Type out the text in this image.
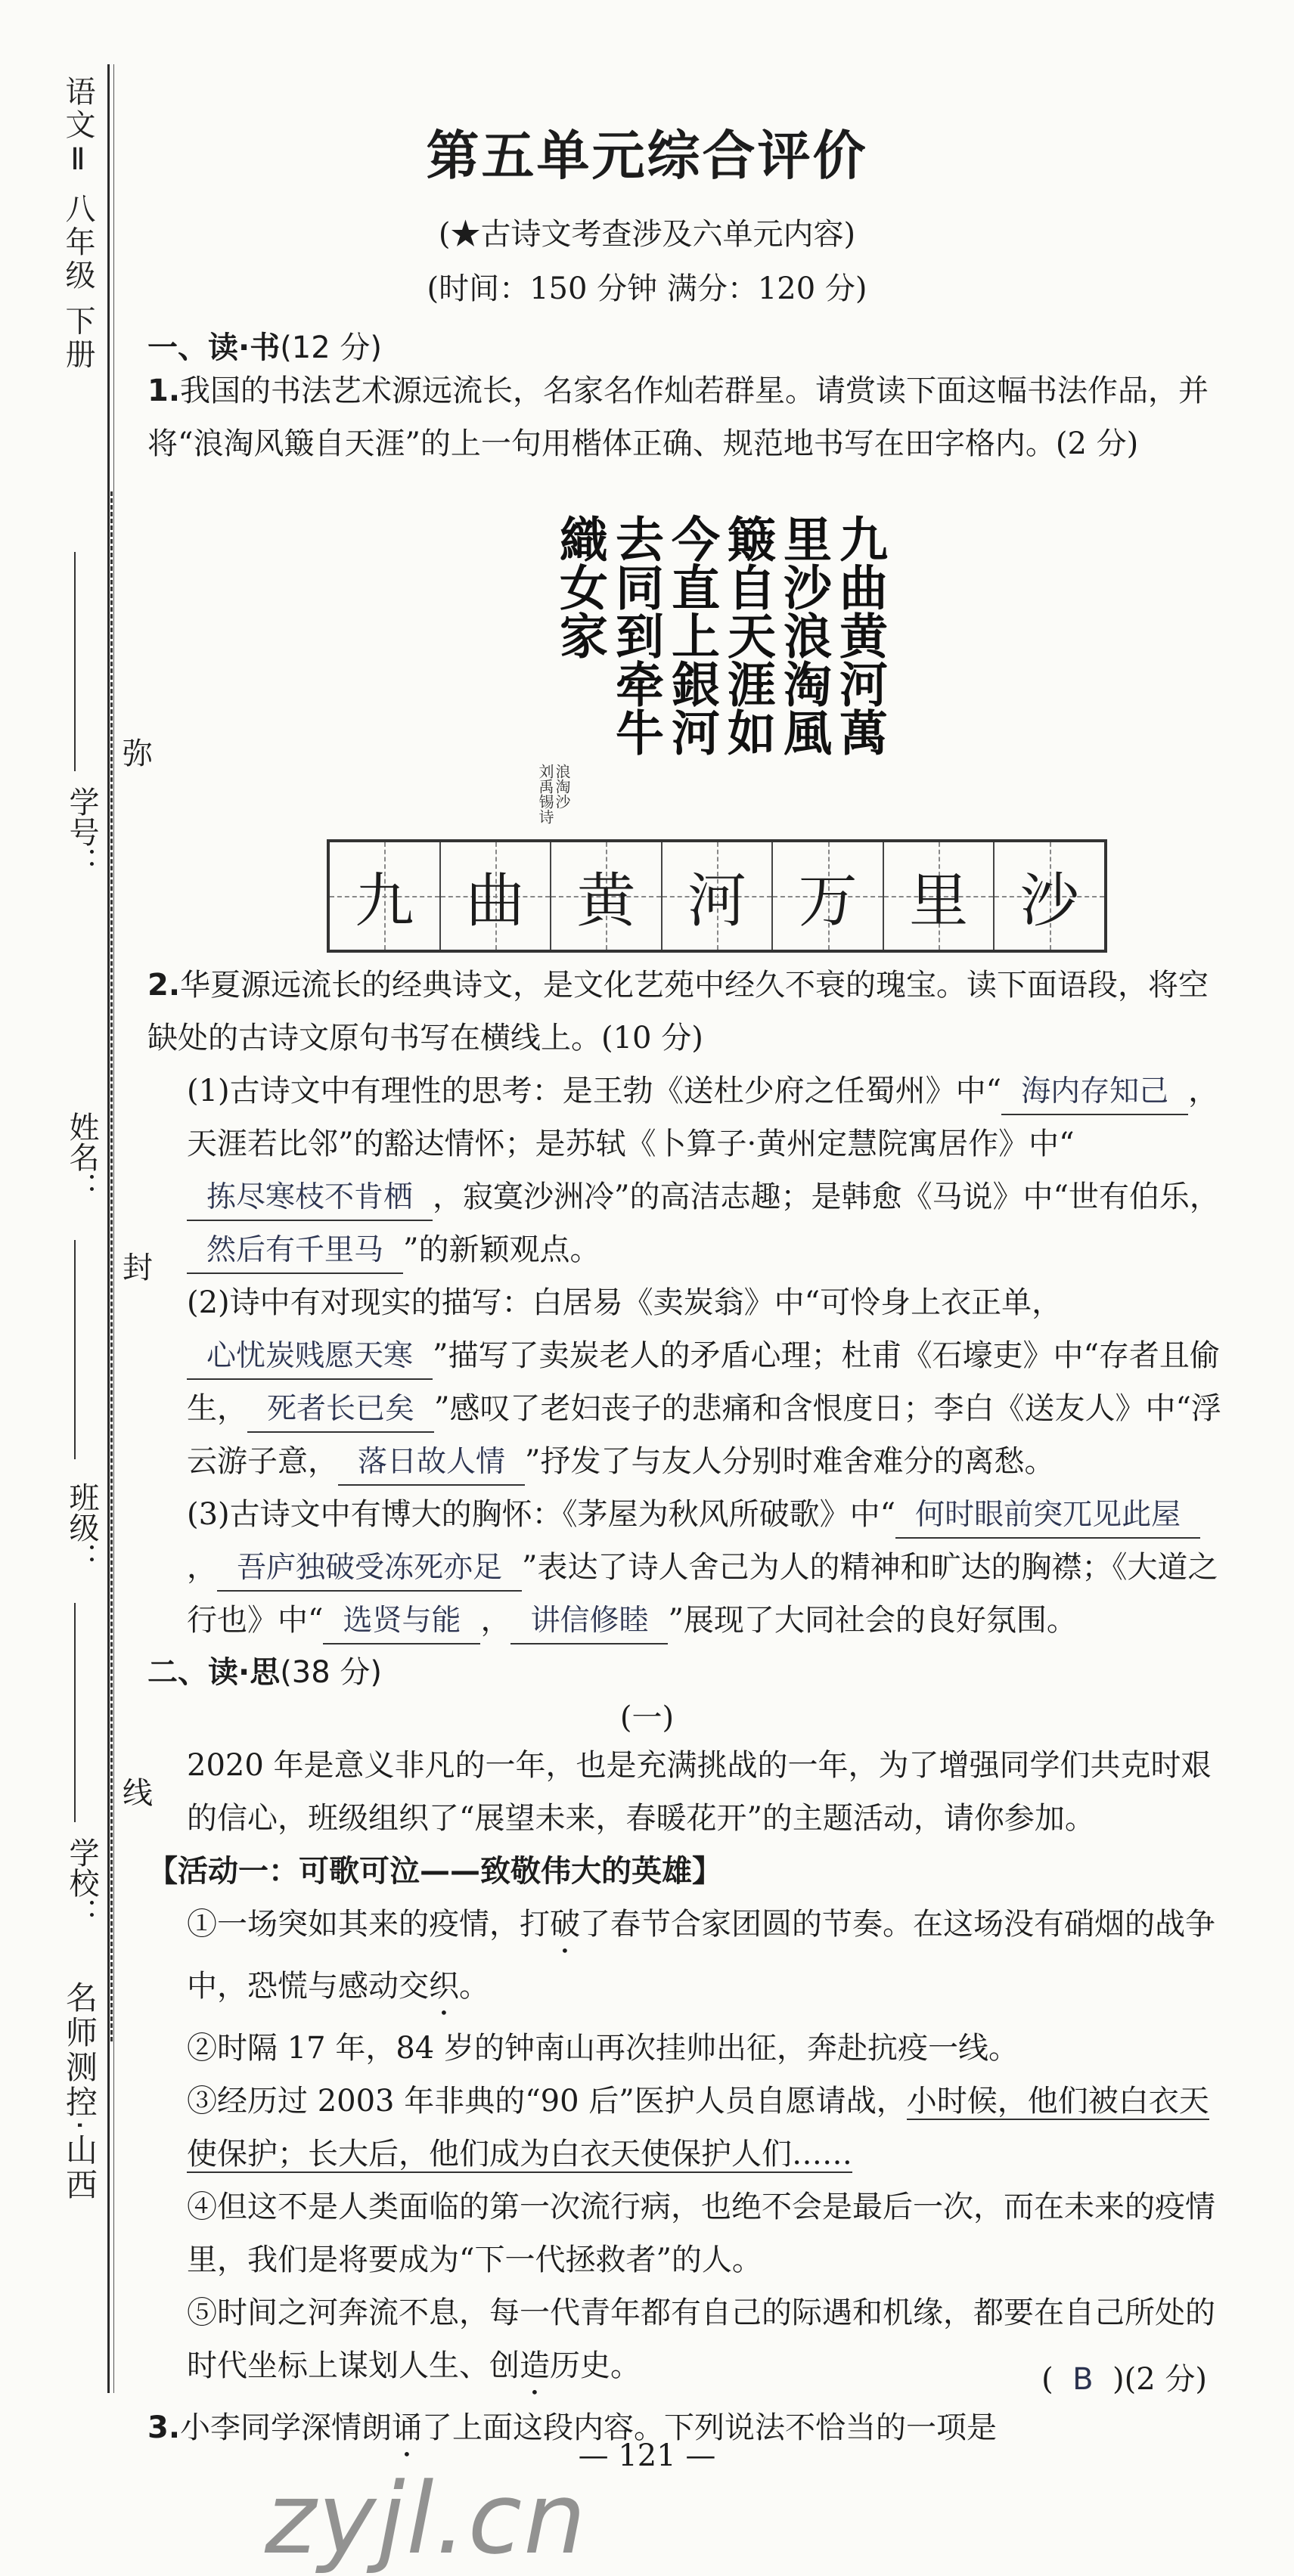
语文Ⅱ 八年级 下册
名师测控·山西
学号：
姓名：
班级：
学校：
弥
封
线
第五单元综合评价
(★古诗文考查涉及六单元内容)
(时间：150 分钟 满分：120 分)
一、读·书(12 分)
1.我国的书法艺术源远流长，名家名作灿若群星。请赏读下面这幅书法作品，并将“浪淘风簸自天涯”的上一句用楷体正确、规范地书写在田字格内。(2 分)
九曲黄河萬
里沙浪淘風
簸自天涯如
今直上銀河
去同到牵牛
織女家
浪淘沙 刘禹锡诗
九 曲 黄 河 万 里 沙
2.华夏源远流长的经典诗文，是文化艺苑中经久不衰的瑰宝。读下面语段，将空缺处的古诗文原句书写在横线上。(10 分)
(1)古诗文中有理性的思考：是王勃《送杜少府之任蜀州》中“ 海内存知己 ，天涯若比邻”的豁达情怀；是苏轼《卜算子·黄州定慧院寓居作》中“拣尽寒枝不肯栖 ，寂寞沙洲冷”的高洁志趣；是韩愈《马说》中“世有伯乐，然后有千里马 ”的新颖观点。
(2)诗中有对现实的描写：白居易《卖炭翁》中“可怜身上衣正单，心忧炭贱愿天寒 ”描写了卖炭老人的矛盾心理；杜甫《石壕吏》中“存者且偷生， 死者长已矣 ”感叹了老妇丧子的悲痛和含恨度日；李白《送友人》中“浮云游子意， 落日故人情 ”抒发了与友人分别时难舍难分的离愁。
(3)古诗文中有博大的胸怀：《茅屋为秋风所破歌》中“ 何时眼前突兀见此屋， 吾庐独破受冻死亦足 ”表达了诗人舍己为人的精神和旷达的胸襟；《大道之行也》中“ 选贤与能 ， 讲信修睦 ”展现了大同社会的良好氛围。
二、读·思(38 分)
(一)
2020 年是意义非凡的一年，也是充满挑战的一年，为了增强同学们共克时艰的信心，班级组织了“展望未来，春暖花开”的主题活动，请你参加。
【活动一：可歌可泣——致敬伟大的英雄】
①一场突如其来的疫情，打破了春节合家团圆的节奏。在这场没有硝烟的战争中，恐慌与感动交织。
②时隔 17 年，84 岁的钟南山再次挂帅出征，奔赴抗疫一线。
③经历过 2003 年非典的“90 后”医护人员自愿请战，小时候，他们被白衣天使保护；长大后，他们成为白衣天使保护人们……
④但这不是人类面临的第一次流行病，也绝不会是最后一次，而在未来的疫情里，我们是将要成为“下一代拯救者”的人。
⑤时间之河奔流不息，每一代青年都有自己的际遇和机缘，都要在自己所处的时代坐标上谋划人生、创造历史。
3.小李同学深情朗诵了上面这段内容。下列说法不恰当的一项是
( B )(2 分)
— 121 —
zyjl.cn
